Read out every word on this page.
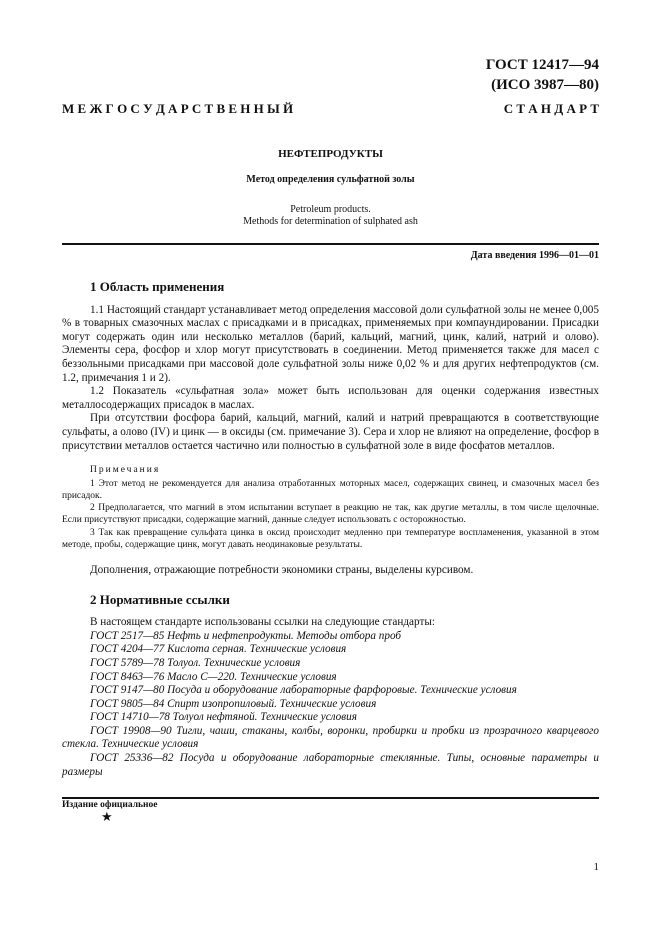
ГОСТ 12417—94
(ИСО 3987—80)
М Е Ж Г О С У Д А Р С Т В Е Н Н Ы Й	С Т А Н Д А Р Т

НЕФТЕПРОДУКТЫ

Метод определения сульфатной золы
Petroleum products.
Methods for determination of sulphated ash
Дата введения 1996—01—01
1 Область применения

1.1 Настоящий стандарт устанавливает метод определения массовой доли сульфатной золы не менее 0,005 % в товарных смазочных маслах с присадками и в присадках, применяемых при компаундировании. Присадки могут содержать один или несколько металлов (барий, кальций, магний, цинк, калий, натрий и олово). Элементы сера, фосфор и хлор могут присутствовать в соединении. Метод применяется также для масел с беззольными присадками при массовой доле сульфатной золы ниже 0,02 % и для других нефтепродуктов (см. 1.2, примечания 1 и 2).

1.2 Показатель «сульфатная зола» может быть использован для оценки содержания известных металлосодержащих присадок в маслах.

При отсутствии фосфора барий, кальций, магний, калий и натрий превращаются в соответствующие сульфаты, а олово (IV) и цинк — в оксиды (см. примечание 3). Сера и хлор не влияют на определение, фосфор в присутствии металлов остается частично или полностью в сульфатной золе в виде фосфатов металлов.

Примечания

1 Этот метод не рекомендуется для анализа отработанных моторных масел, содержащих свинец, и смазочных масел без присадок.

2 Предполагается, что магний в этом испытании вступает в реакцию не так, как другие металлы, в том числе щелочные. Если присутствуют присадки, содержащие магний, данные следует использовать с осторожностью.

3 Так как превращение сульфата цинка в оксид происходит медленно при температуре воспламенения, указанной в этом методе, пробы, содержащие цинк, могут давать неодинаковые результаты.

Дополнения, отражающие потребности экономики страны, выделены курсивом.

2 Нормативные ссылки

В настоящем стандарте использованы ссылки на следующие стандарты:

ГОСТ 2517—85 Нефть и нефтепродукты. Методы отбора проб

ГОСТ 4204—77 Кислота серная. Технические условия

ГОСТ 5789—78 Толуол. Технические условия

ГОСТ 8463—76 Масло С—220. Технические условия

ГОСТ 9147—80 Посуда и оборудование лабораторные фарфоровые. Технические условия

ГОСТ 9805—84 Спирт изопропиловый. Технические условия

ГОСТ 14710—78 Толуол нефтяной. Технические условия

ГОСТ 19908—90 Тигли, чаши, стаканы, колбы, воронки, пробирки и пробки из прозрачного кварцевого стекла. Технические условия

ГОСТ 25336—82 Посуда и оборудование лабораторные стеклянные. Типы, основные параметры и размеры

Издание официальное
★
1
